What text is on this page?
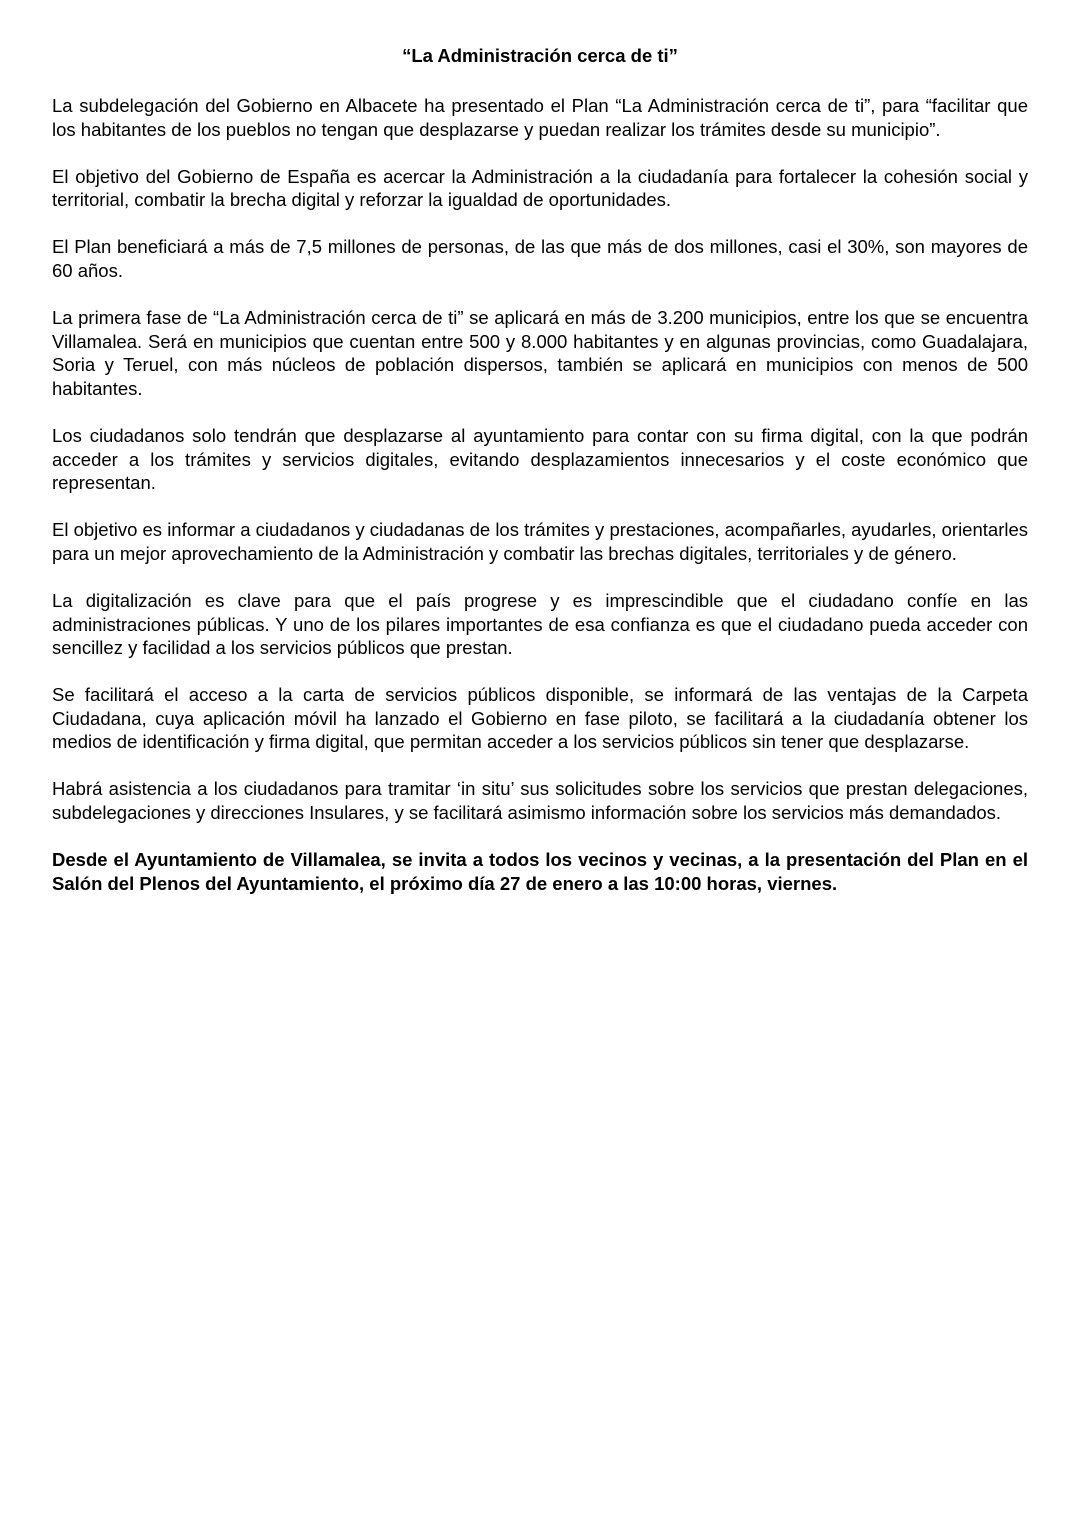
“La Administración cerca de ti”

La subdelegación del Gobierno en Albacete ha presentado el Plan “La Administración cerca de ti”, para “facilitar que los habitantes de los pueblos no tengan que desplazarse y puedan realizar los trámites desde su municipio”.

El objetivo del Gobierno de España es acercar la Administración a la ciudadanía para fortalecer la cohesión social y territorial, combatir la brecha digital y reforzar la igualdad de oportunidades.

El Plan beneficiará a más de 7,5 millones de personas, de las que más de dos millones, casi el 30%, son mayores de 60 años.

La primera fase de “La Administración cerca de ti” se aplicará en más de 3.200 municipios, entre los que se encuentra Villamalea. Será en municipios que cuentan entre 500 y 8.000 habitantes y en algunas provincias, como Guadalajara, Soria y Teruel, con más núcleos de población dispersos, también se aplicará en municipios con menos de 500 habitantes.

Los ciudadanos solo tendrán que desplazarse al ayuntamiento para contar con su firma digital, con la que podrán acceder a los trámites y servicios digitales, evitando desplazamientos innecesarios y el coste económico que representan.

El objetivo es informar a ciudadanos y ciudadanas de los trámites y prestaciones, acompañarles, ayudarles, orientarles para un mejor aprovechamiento de la Administración y combatir las brechas digitales, territoriales y de género.

La digitalización es clave para que el país progrese y es imprescindible que el ciudadano confíe en las administraciones públicas. Y uno de los pilares importantes de esa confianza es que el ciudadano pueda acceder con sencillez y facilidad a los servicios públicos que prestan.

Se facilitará el acceso a la carta de servicios públicos disponible, se informará de las ventajas de la Carpeta Ciudadana, cuya aplicación móvil ha lanzado el Gobierno en fase piloto, se facilitará a la ciudadanía obtener los medios de identificación y firma digital, que permitan acceder a los servicios públicos sin tener que desplazarse.

Habrá asistencia a los ciudadanos para tramitar ‘in situ’ sus solicitudes sobre los servicios que prestan delegaciones, subdelegaciones y direcciones Insulares, y se facilitará asimismo información sobre los servicios más demandados.

Desde el Ayuntamiento de Villamalea, se invita a todos los vecinos y vecinas, a la presentación del Plan en el Salón del Plenos del Ayuntamiento, el próximo día 27 de enero a las 10:00 horas, viernes.
